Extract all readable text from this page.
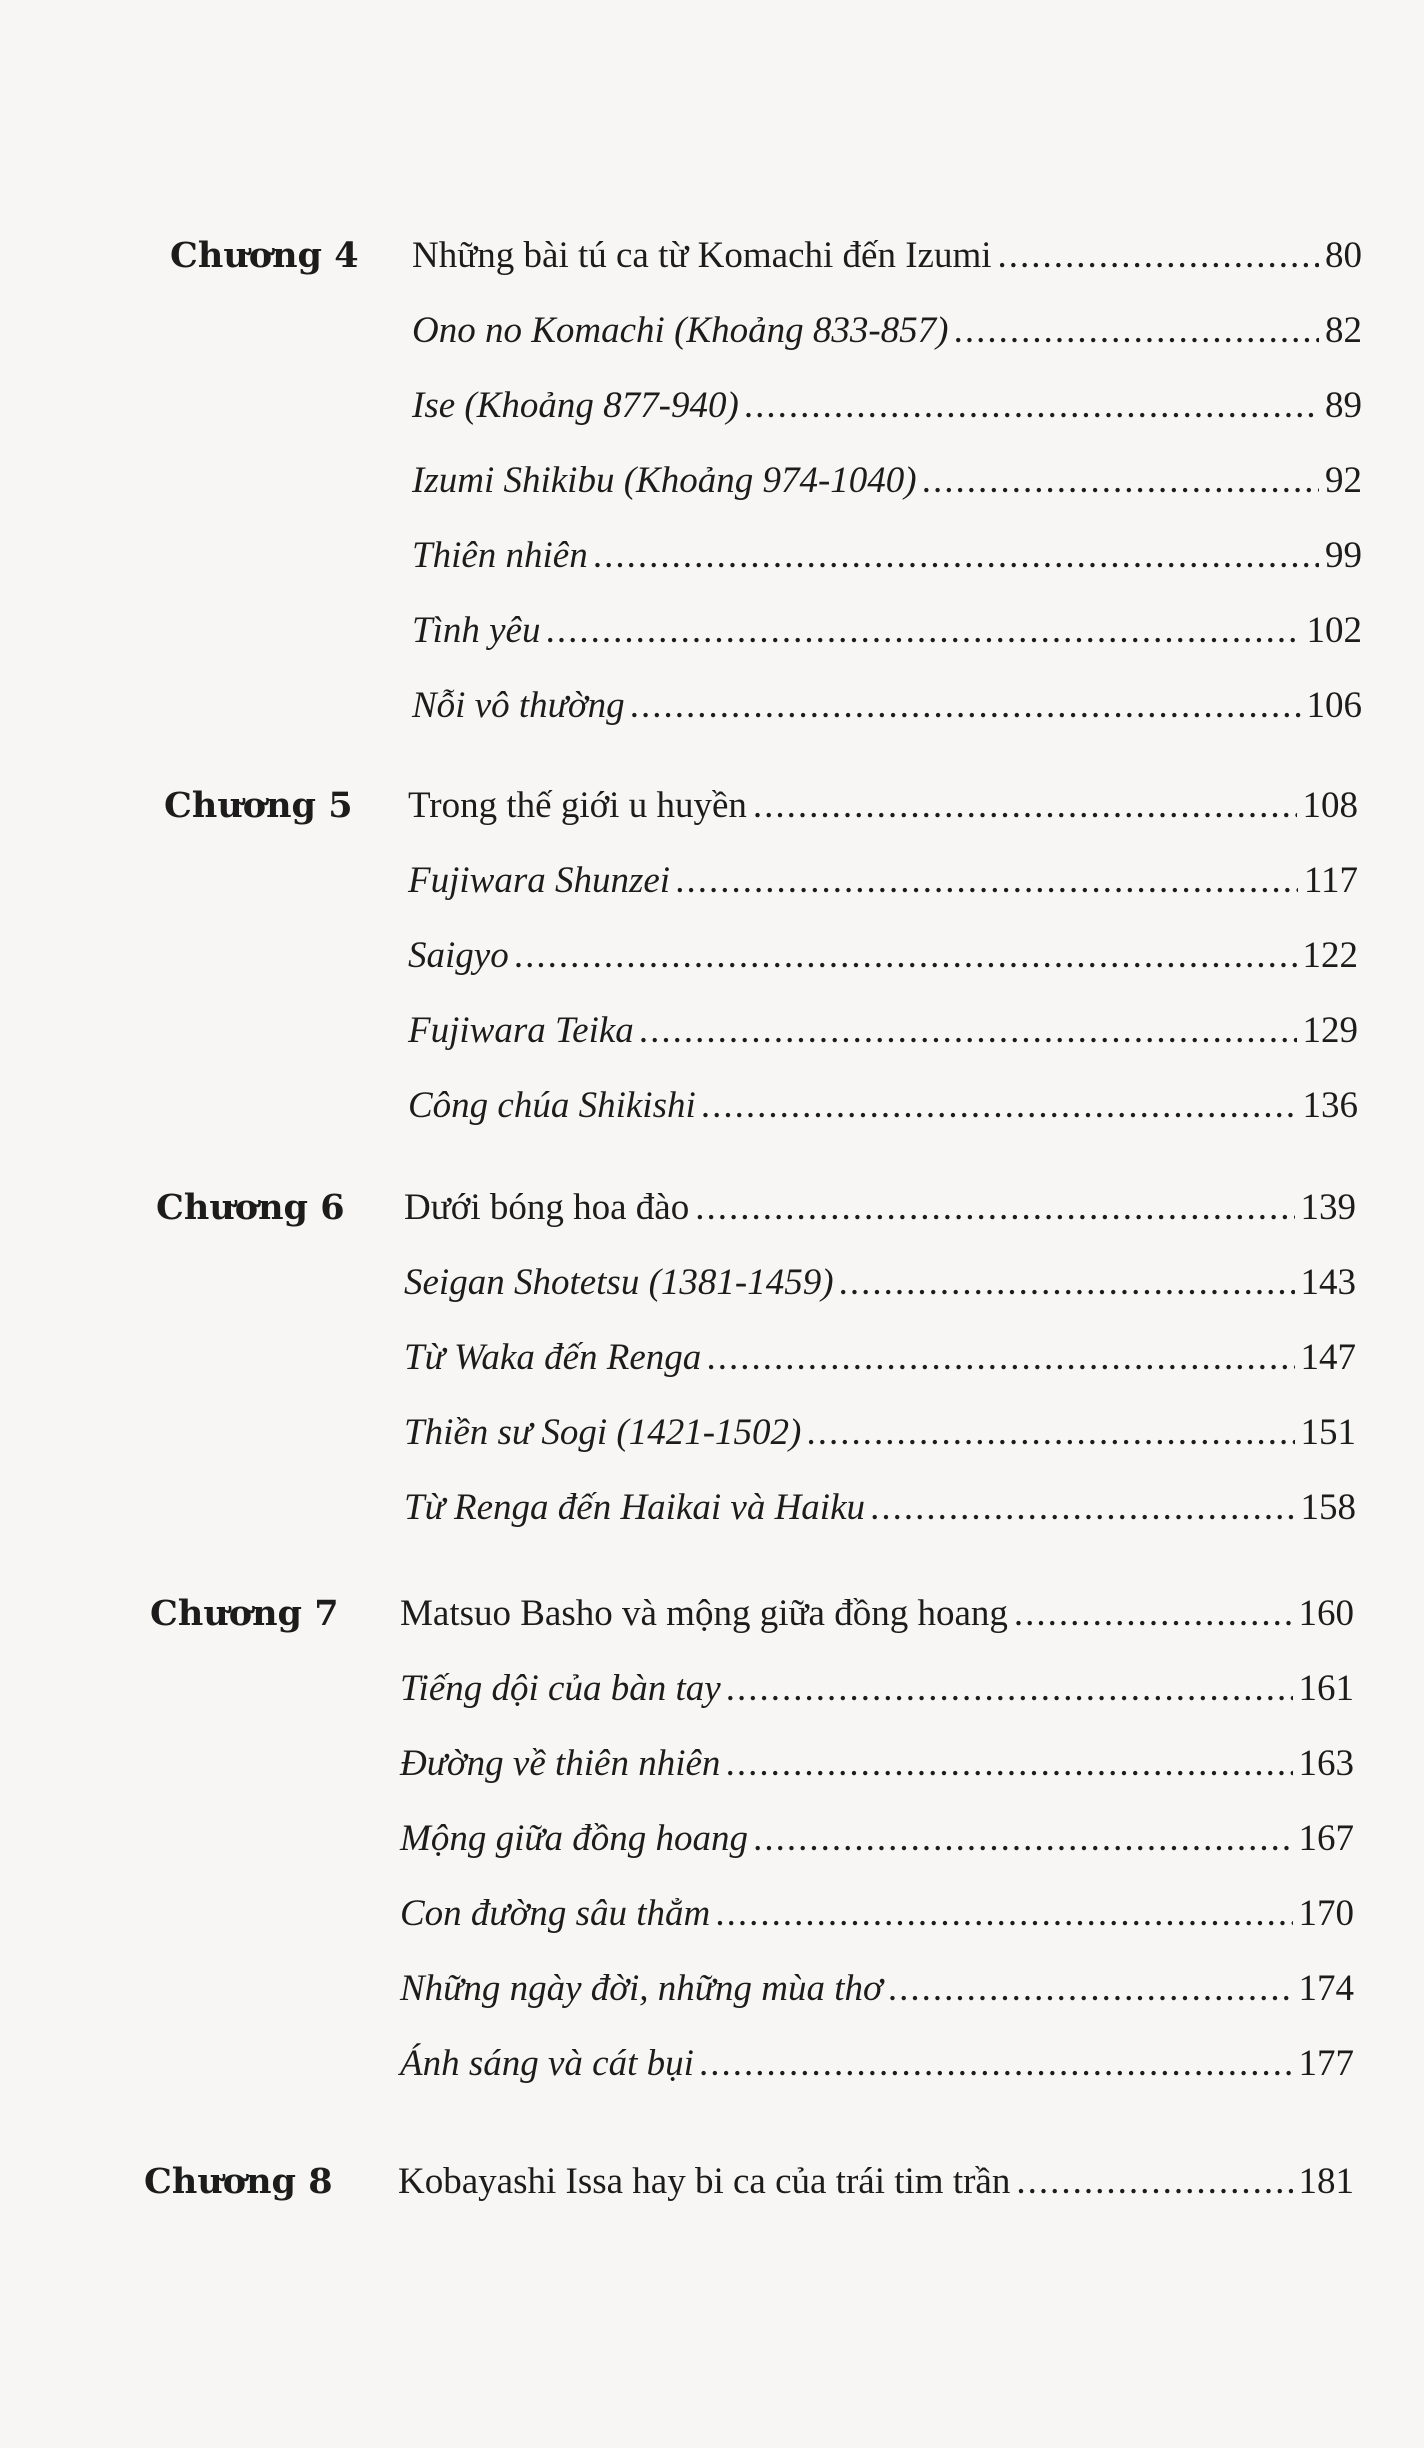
Chương 4 Những bài tú ca từ Komachi đến Izumi .....	80
Ono no Komachi (Khoảng 833-857) .....	82
Ise (Khoảng 877-940) .....	89
Izumi Shikibu (Khoảng 974-1040) .....	92
Thiên nhiên .....	99
Tình yêu .....	102
Nỗi vô thường .....	106
Chương 5 Trong thế giới u huyền .....	108
Fujiwara Shunzei .....	117
Saigyo .....	122
Fujiwara Teika .....	129
Công chúa Shikishi .....	136
Chương 6 Dưới bóng hoa đào .....	139
Seigan Shotetsu (1381-1459) .....	143
Từ Waka đến Renga .....	147
Thiền sư Sogi (1421-1502) .....	151
Từ Renga đến Haikai và Haiku .....	158
Chương 7 Matsuo Basho và mộng giữa đồng hoang .....	160
Tiếng dội của bàn tay .....	161
Đường về thiên nhiên .....	163
Mộng giữa đồng hoang .....	167
Con đường sâu thẳm .....	170
Những ngày đời, những mùa thơ .....	174
Ánh sáng và cát bụi .....	177
Chương 8 Kobayashi Issa hay bi ca của trái tim trần .....	181
